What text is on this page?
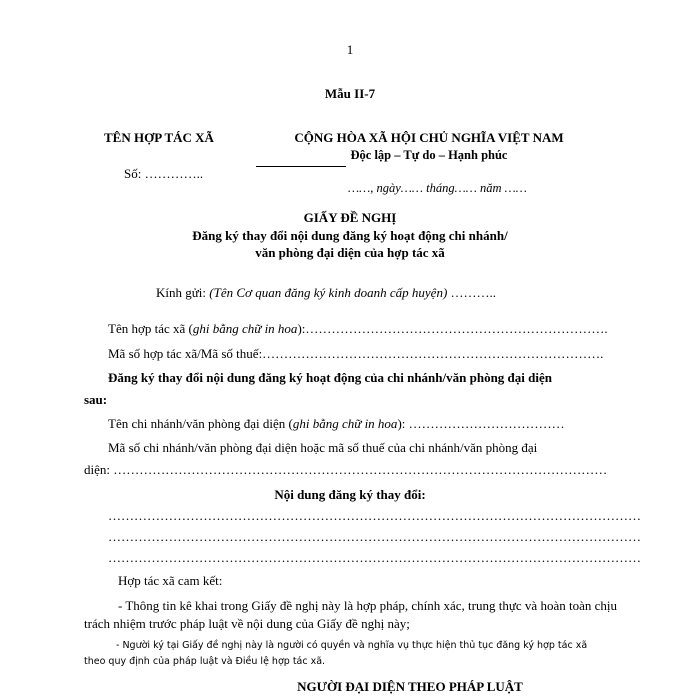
1
Mẫu II-7
TÊN HỢP TÁC XÃ	CỘNG HÒA XÃ HỘI CHỦ NGHĨA VIỆT NAM
Độc lập – Tự do – Hạnh phúc
Số: …………..
……, ngày…… tháng…… năm ……
GIẤY ĐỀ NGHỊ
Đăng ký thay đổi nội dung đăng ký hoạt động chi nhánh/
văn phòng đại diện của hợp tác xã
Kính gửi: (Tên Cơ quan đăng ký kinh doanh cấp huyện) ………..
Tên hợp tác xã (ghi bằng chữ in hoa):…………………………………………………………….
Mã số hợp tác xã/Mã số thuế:…………………………………………………………………….
Đăng ký thay đổi nội dung đăng ký hoạt động của chi nhánh/văn phòng đại diện
sau:
Tên chi nhánh/văn phòng đại diện (ghi bằng chữ in hoa): ………………………………
Mã số chi nhánh/văn phòng đại diện hoặc mã số thuế của chi nhánh/văn phòng đại
diện: ……………………………………………………………………………………………………
Nội dung đăng ký thay đổi:
……………………………………………………………………………………………………………
……………………………………………………………………………………………………………
……………………………………………………………………………………………………………
Hợp tác xã cam kết:
- Thông tin kê khai trong Giấy đề nghị này là hợp pháp, chính xác, trung thực và hoàn toàn chịu trách nhiệm trước pháp luật về nội dung của Giấy đề nghị này;
- Người ký tại Giấy đề nghị này là người có quyền và nghĩa vụ thực hiện thủ tục đăng ký hợp tác xã
theo quy định của pháp luật và Điều lệ hợp tác xã.
NGƯỜI ĐẠI DIỆN THEO PHÁP LUẬT
